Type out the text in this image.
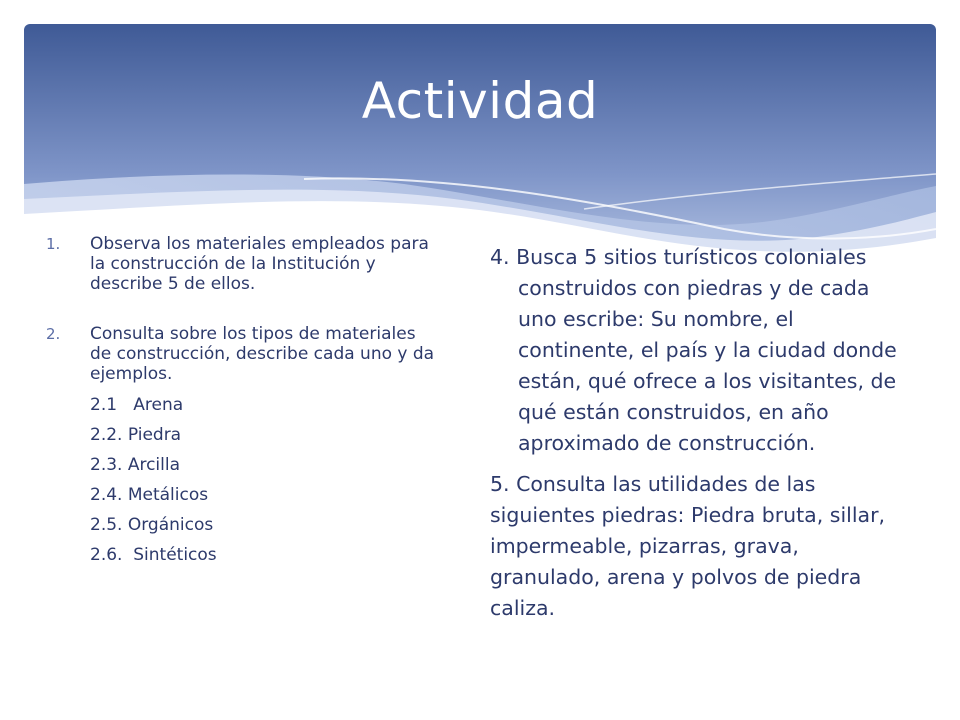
Actividad
1.	Observa los materiales empleados para la construcción de la Institución y describe 5 de ellos.
2.	Consulta sobre los tipos de materiales de construcción, describe cada uno y da ejemplos.
2.1   Arena
2.2. Piedra
2.3. Arcilla
2.4. Metálicos
2.5. Orgánicos
2.6.  Sintéticos

4. Busca 5 sitios turísticos coloniales construidos con piedras y de cada uno escribe: Su nombre, el continente, el país y la ciudad donde están, qué ofrece a los visitantes, de qué están construidos, en año aproximado de construcción.

5. Consulta las utilidades de las siguientes piedras: Piedra bruta, sillar, impermeable, pizarras, grava, granulado, arena y polvos de piedra caliza.
